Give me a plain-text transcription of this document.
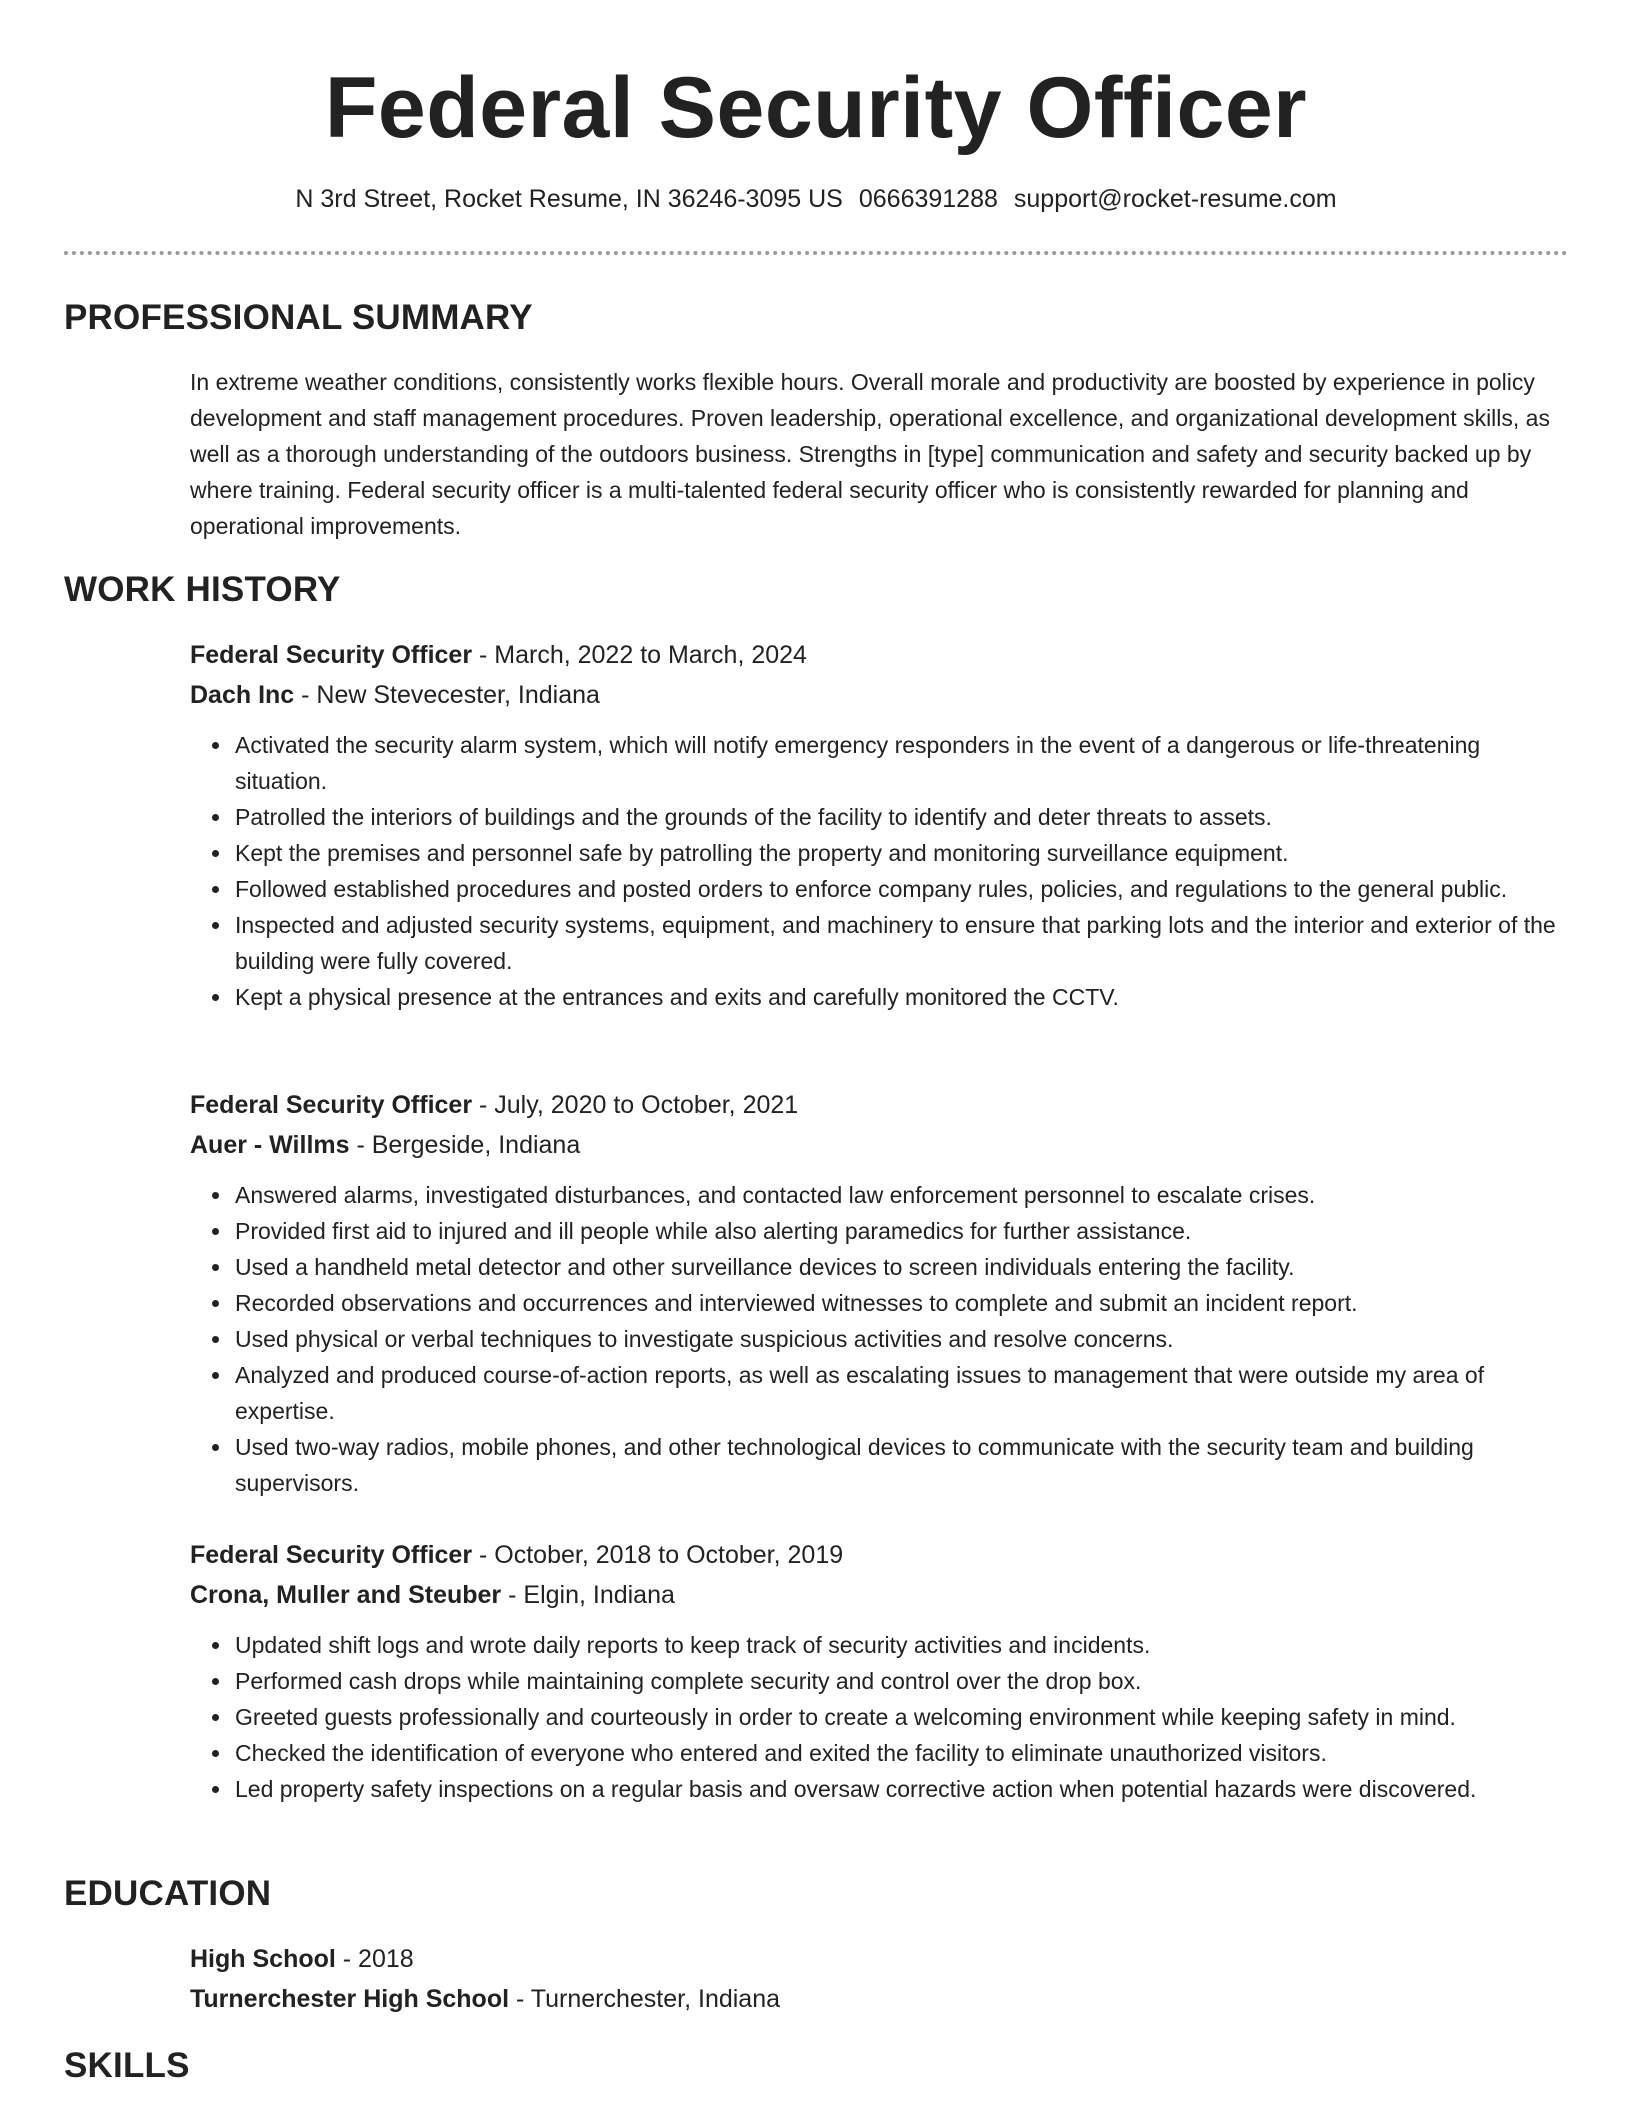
Federal Security Officer
N 3rd Street, Rocket Resume, IN 36246-3095 US 0666391288 support@rocket-resume.com
PROFESSIONAL SUMMARY
In extreme weather conditions, consistently works flexible hours. Overall morale and productivity are boosted by experience in policy development and staff management procedures. Proven leadership, operational excellence, and organizational development skills, as well as a thorough understanding of the outdoors business. Strengths in [type] communication and safety and security backed up by where training. Federal security officer is a multi-talented federal security officer who is consistently rewarded for planning and operational improvements.
WORK HISTORY
Federal Security Officer - March, 2022 to March, 2024
Dach Inc - New Stevecester, Indiana
• Activated the security alarm system, which will notify emergency responders in the event of a dangerous or life-threatening situation.
• Patrolled the interiors of buildings and the grounds of the facility to identify and deter threats to assets.
• Kept the premises and personnel safe by patrolling the property and monitoring surveillance equipment.
• Followed established procedures and posted orders to enforce company rules, policies, and regulations to the general public.
• Inspected and adjusted security systems, equipment, and machinery to ensure that parking lots and the interior and exterior of the building were fully covered.
• Kept a physical presence at the entrances and exits and carefully monitored the CCTV.
Federal Security Officer - July, 2020 to October, 2021
Auer - Willms - Bergeside, Indiana
• Answered alarms, investigated disturbances, and contacted law enforcement personnel to escalate crises.
• Provided first aid to injured and ill people while also alerting paramedics for further assistance.
• Used a handheld metal detector and other surveillance devices to screen individuals entering the facility.
• Recorded observations and occurrences and interviewed witnesses to complete and submit an incident report.
• Used physical or verbal techniques to investigate suspicious activities and resolve concerns.
• Analyzed and produced course-of-action reports, as well as escalating issues to management that were outside my area of expertise.
• Used two-way radios, mobile phones, and other technological devices to communicate with the security team and building supervisors.
Federal Security Officer - October, 2018 to October, 2019
Crona, Muller and Steuber - Elgin, Indiana
• Updated shift logs and wrote daily reports to keep track of security activities and incidents.
• Performed cash drops while maintaining complete security and control over the drop box.
• Greeted guests professionally and courteously in order to create a welcoming environment while keeping safety in mind.
• Checked the identification of everyone who entered and exited the facility to eliminate unauthorized visitors.
• Led property safety inspections on a regular basis and oversaw corrective action when potential hazards were discovered.
EDUCATION
High School - 2018
Turnerchester High School - Turnerchester, Indiana
SKILLS
